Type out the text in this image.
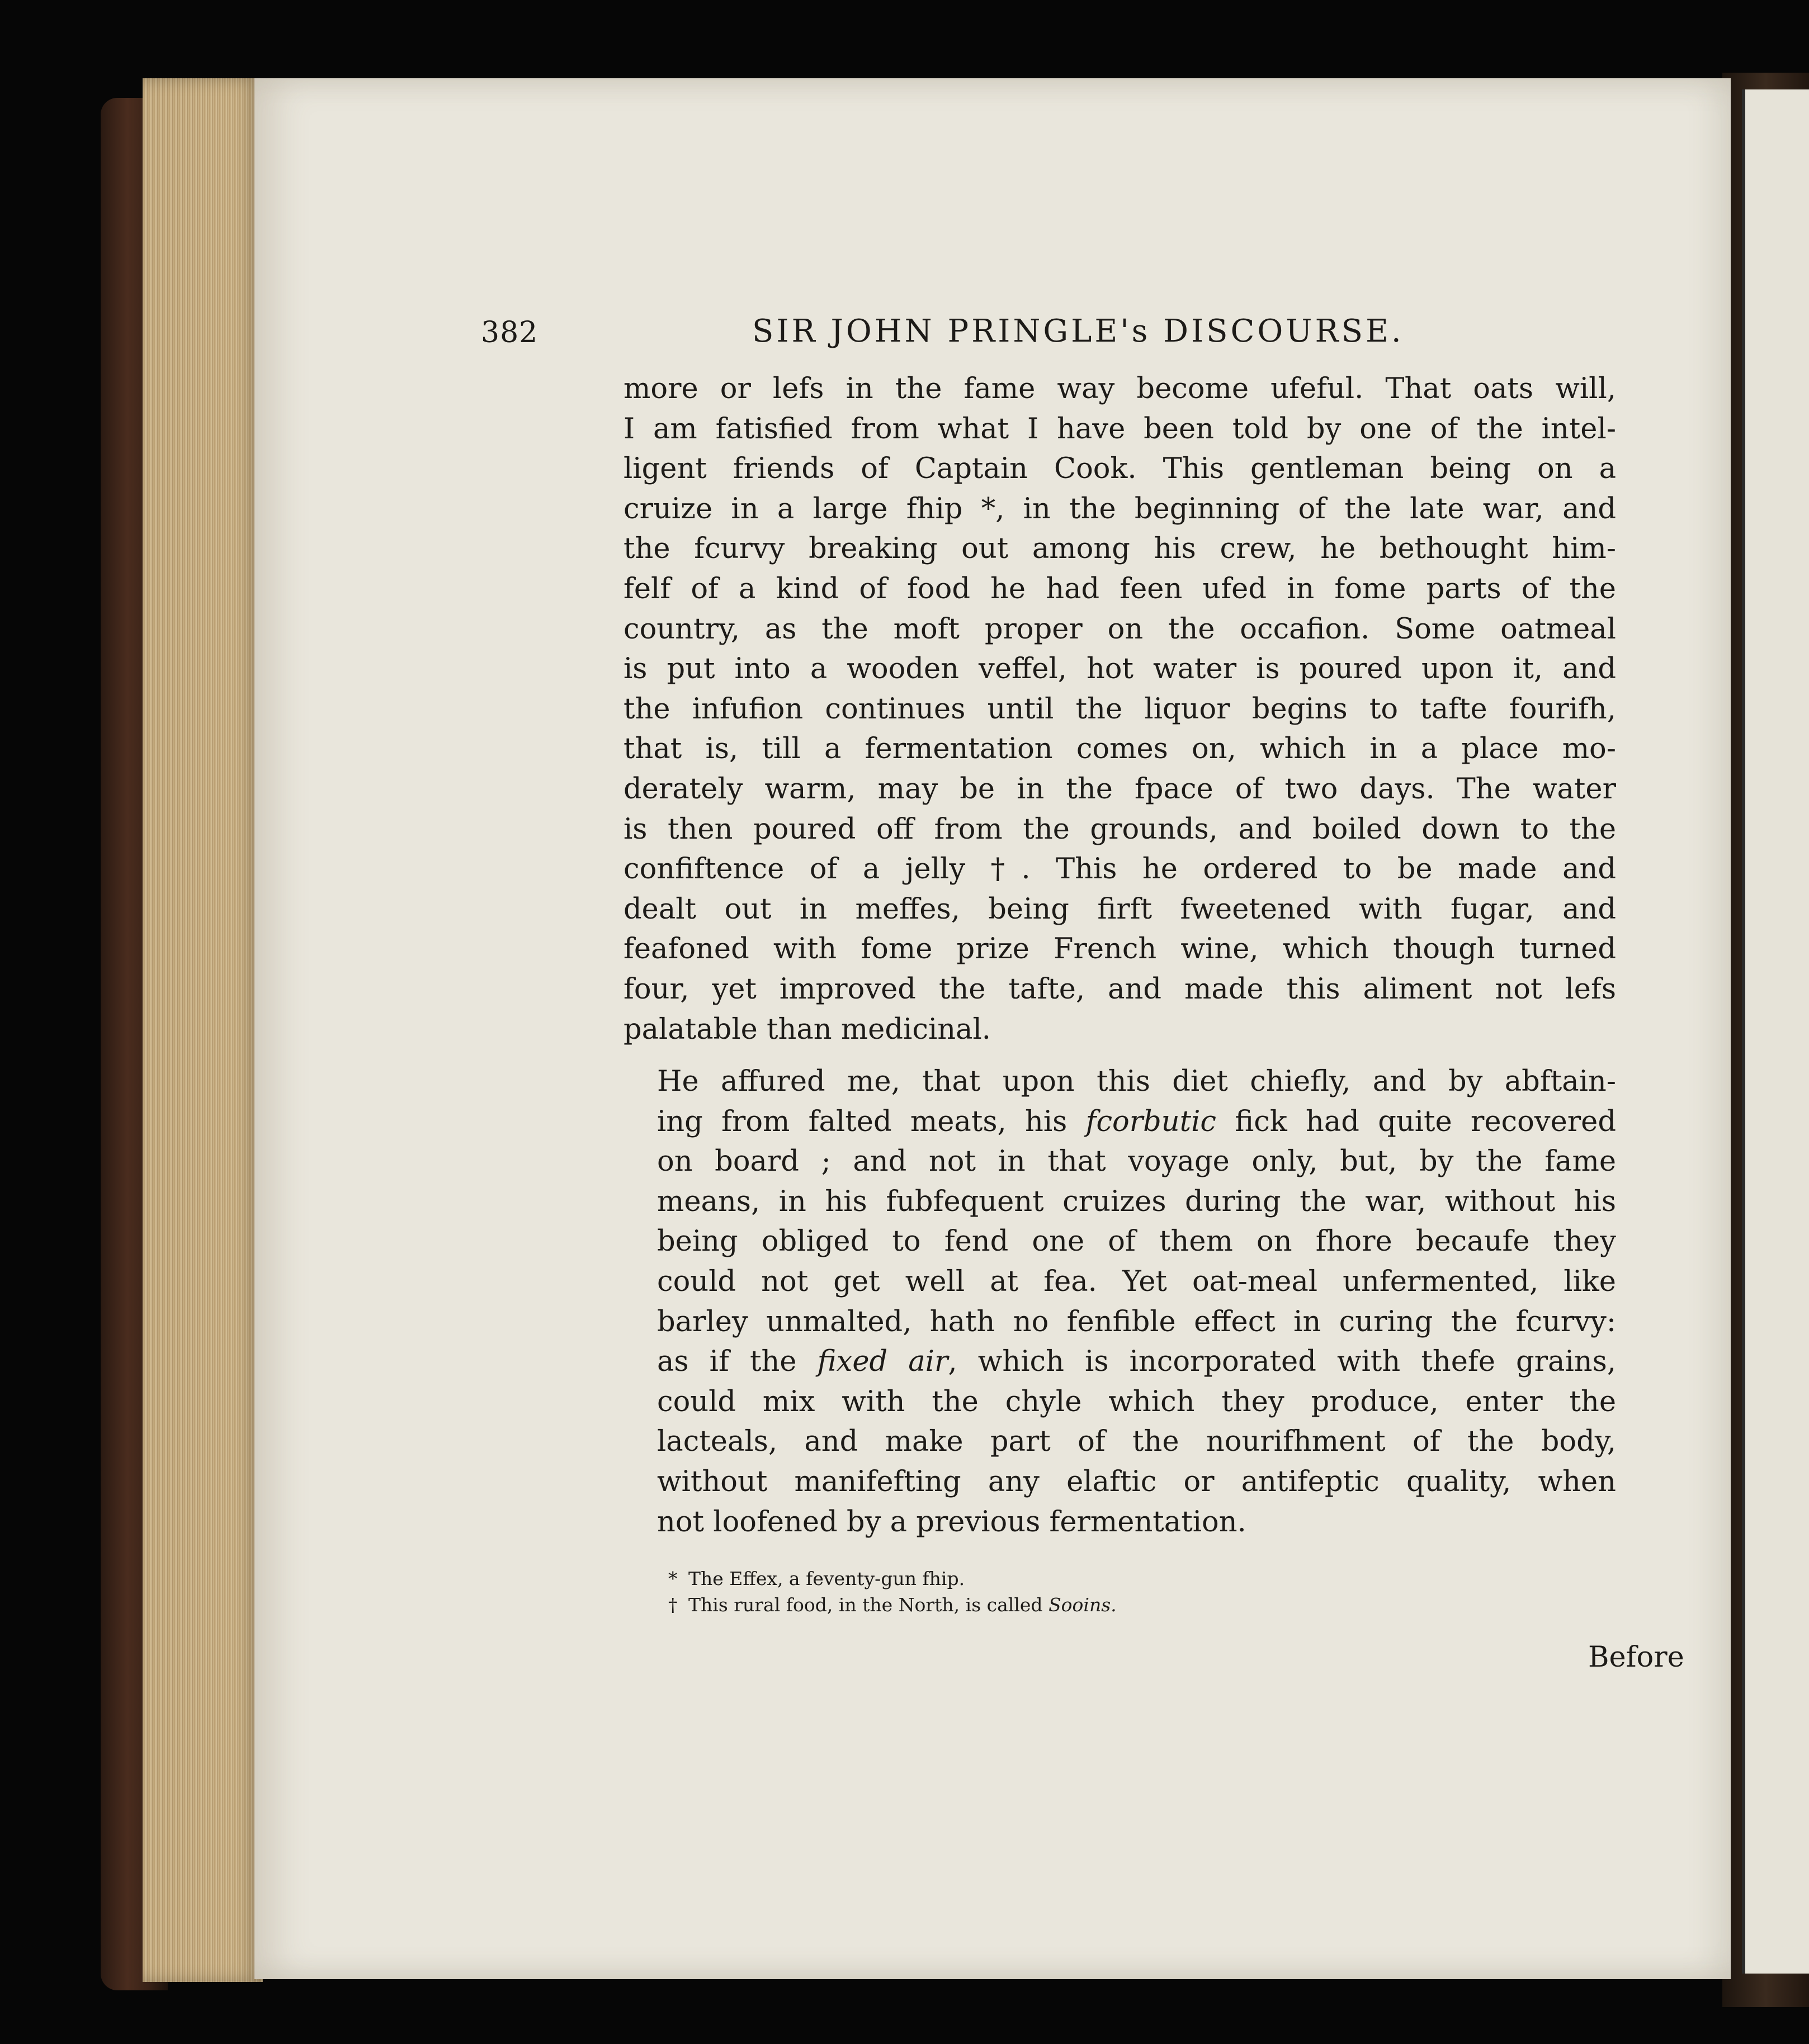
382	SIR JOHN PRINGLE's DISCOURSE.

more or lefs in the fame way become ufeful. That oats will,
I am fatisfied from what I have been told by one of the intel-
ligent friends of Captain Cook. This gentleman being on a
cruize in a large fhip *, in the beginning of the late war, and
the fcurvy breaking out among his crew, he bethought him-
felf of a kind of food he had feen ufed in fome parts of the
country, as the moft proper on the occafion. Some oatmeal
is put into a wooden veffel, hot water is poured upon it, and
the infufion continues until the liquor begins to tafte fourifh,
that is, till a fermentation comes on, which in a place mo-
derately warm, may be in the fpace of two days. The water
is then poured off from the grounds, and boiled down to the
confiftence of a jelly †. This he ordered to be made and
dealt out in meffes, being firft fweetened with fugar, and
feafoned with fome prize French wine, which though turned
four, yet improved the tafte, and made this aliment not lefs
palatable than medicinal.

He affured me, that upon this diet chiefly, and by abftain-
ing from falted meats, his fcorbutic fick had quite recovered
on board ; and not in that voyage only, but, by the fame
means, in his fubfequent cruizes during the war, without his
being obliged to fend one of them on fhore becaufe they
could not get well at fea. Yet oat-meal unfermented, like
barley unmalted, hath no fenfible effect in curing the fcurvy:
as if the fixed air, which is incorporated with thefe grains,
could mix with the chyle which they produce, enter the
lacteals, and make part of the nourifhment of the body,
without manifefting any elaftic or antifeptic quality, when
not loofened by a previous fermentation.

* The Effex, a feventy-gun fhip.
† This rural food, in the North, is called Sooins.
Before
